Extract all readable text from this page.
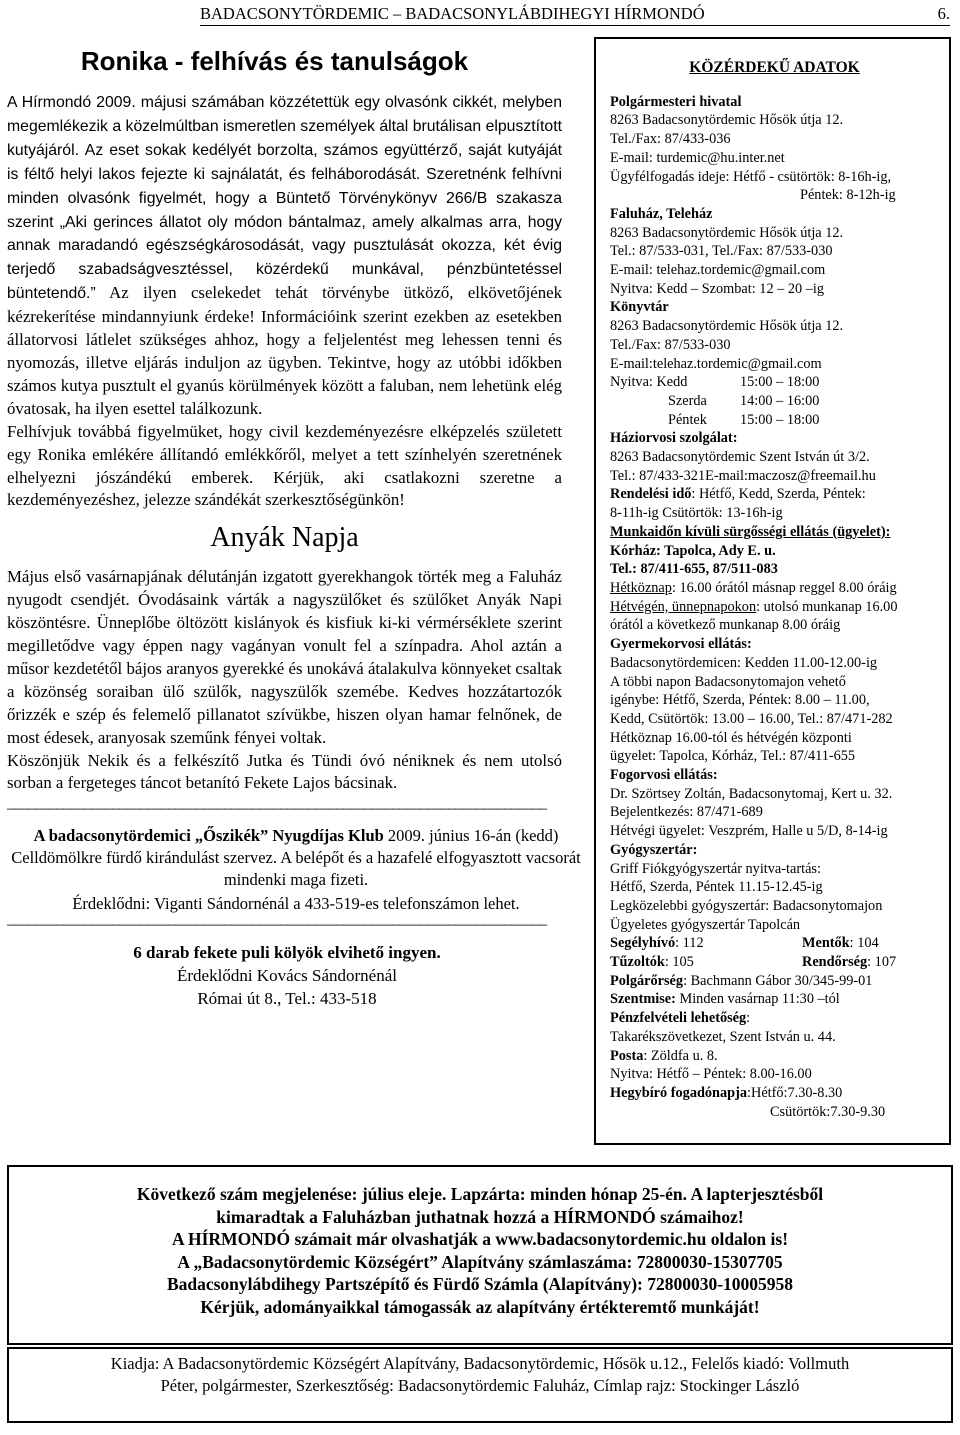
BADACSONYTÖRDEMIC – BADACSONYLÁBDIHEGYI HÍRMONDÓ	6.
Ronika - felhívás és tanulságok

A Hírmondó 2009. májusi számában közzétettük egy olvasónk cikkét, melyben megemlékezik a közelmúltban ismeretlen személyek által brutálisan elpusztított kutyájáról. Az eset sokak kedélyét borzolta, számos együttérző, saját kutyáját is féltő helyi lakos fejezte ki sajnálatát, és felháborodását. Szeretnénk felhívni minden olvasónk figyelmét, hogy a Büntető Törvénykönyv 266/B szakasza szerint „Aki gerinces állatot oly módon bántalmaz, amely alkalmas arra, hogy annak maradandó egészségkárosodását, vagy pusztulását okozza, két évig terjedő szabadságvesztéssel, közérdekű munkával, pénzbüntetéssel büntetendő.” Az ilyen cselekedet tehát törvénybe ütköző, elkövetőjének kézrekerítése mindannyiunk érdeke! Információink szerint ezekben az esetekben állatorvosi látlelet szükséges ahhoz, hogy a feljelentést meg lehessen tenni és nyomozás, illetve eljárás induljon az ügyben. Tekintve, hogy az utóbbi időkben számos kutya pusztult el gyanús körülmények között a faluban, nem lehetünk elég óvatosak, ha ilyen esettel találkozunk.

Felhívjuk továbbá figyelmüket, hogy civil kezdeményezésre elképzelés született egy Ronika emlékére állítandó emlékkőről, melyet a tett színhelyén szeretnének elhelyezni jószándékú emberek. Kérjük, aki csatlakozni szeretne a kezdeményezéshez, jelezze szándékát szerkesztőségünkön!

Anyák Napja

Május első vasárnapjának délutánján izgatott gyerekhangok törték meg a Faluház nyugodt csendjét. Óvodásaink várták a nagyszülőket és szülőket Anyák Napi köszöntésre. Ünneplőbe öltözött kislányok és kisfiuk ki-ki vérmérséklete szerint megilletődve vagy éppen nagy vagányan vonult fel a színpadra. Ahol aztán a műsor kezdetétől bájos aranyos gyerekké és unokává átalakulva könnyeket csaltak a közönség soraiban ülő szülők, nagyszülők szemébe. Kedves hozzátartozók őrizzék e szép és felemelő pillanatot szívükbe, hiszen olyan hamar felnőnek, de most édesek, aranyosak szeműnk fényei voltak.

Köszönjük Nekik és a felkészítő Jutka és Tündi óvó néniknek és nem utolsó sorban a fergeteges táncot betanító Fekete Lajos bácsinak.

–––––––––––––––––––––––––––––––––––––––––––––––––––––––––––––––––––––––––––––
A badacsonytördemici „Őszikék” Nyugdíjas Klub 2009. június 16-án (kedd) Celldömölkre fürdő kirándulást szervez. A belépőt és a hazafelé elfogyasztott vacsorát mindenki maga fizeti.
Érdeklődni: Viganti Sándornénál a 433-519-es telefonszámon lehet.
–––––––––––––––––––––––––––––––––––––––––––––––––––––––––––––––––––––––––––––
6 darab fekete puli kölyök elvihető ingyen.
Érdeklődni Kovács Sándornénál
Római út 8., Tel.: 433-518
KÖZÉRDEKŰ ADATOK
Polgármesteri hivatal
8263 Badacsonytördemic Hősök útja 12.
Tel./Fax: 87/433-036
E-mail: turdemic@hu.inter.net
Ügyfélfogadás ideje: Hétfő - csütörtök: 8-16h-ig,
Péntek: 8-12h-ig
Faluház, Teleház
8263 Badacsonytördemic Hősök útja 12.
Tel.: 87/533-031, Tel./Fax: 87/533-030
E-mail: telehaz.tordemic@gmail.com
Nyitva: Kedd – Szombat: 12 – 20 –ig
Könyvtár
8263 Badacsonytördemic Hősök útja 12.
Tel./Fax: 87/533-030
E-mail:telehaz.tordemic@gmail.com
Nyitva: Kedd	15:00 – 18:00
Szerda 14:00 – 16:00
Péntek 15:00 – 18:00
Háziorvosi szolgálat:
8263 Badacsonytördemic Szent István út 3/2.
Tel.: 87/433-321E-mail:maczosz@freemail.hu
Rendelési idő: Hétfő, Kedd, Szerda, Péntek:
8-11h-ig Csütörtök: 13-16h-ig
Munkaidőn kívüli sürgősségi ellátás (ügyelet):
Kórház: Tapolca, Ady E. u.
Tel.: 87/411-655, 87/511-083
Hétköznap: 16.00 órától másnap reggel 8.00 óráig
Hétvégén, ünnepnapokon: utolsó munkanap 16.00
órától a következő munkanap 8.00 óráig
Gyermekorvosi ellátás:
Badacsonytördemicen: Kedden 11.00-12.00-ig
A többi napon Badacsonytomajon vehető
igénybe: Hétfő, Szerda, Péntek: 8.00 – 11.00,
Kedd, Csütörtök: 13.00 – 16.00, Tel.: 87/471-282
Hétköznap 16.00-tól és hétvégén központi
ügyelet: Tapolca, Kórház, Tel.: 87/411-655
Fogorvosi ellátás:
Dr. Szörtsey Zoltán, Badacsonytomaj, Kert u. 32.
Bejelentkezés: 87/471-689
Hétvégi ügyelet: Veszprém, Halle u 5/D, 8-14-ig
Gyógyszertár:
Griff Fiókgyógyszertár nyitva-tartás:
Hétfő, Szerda, Péntek 11.15-12.45-ig
Legközelebbi gyógyszertár: Badacsonytomajon
Ügyeletes gyógyszertár Tapolcán
Segélyhívó: 112	Mentők: 104
Tűzoltók: 105	Rendőrség: 107
Polgárőrség: Bachmann Gábor 30/345-99-01
Szentmise: Minden vasárnap 11:30 –tól
Pénzfelvételi lehetőség:
Takarékszövetkezet, Szent István u. 44.
Posta: Zöldfa u. 8.
Nyitva: Hétfő – Péntek: 8.00-16.00
Hegybíró fogadónapja:Hétfő:7.30-8.30
Csütörtök:7.30-9.30
Következő szám megjelenése: július eleje. Lapzárta: minden hónap 25-én. A lapterjesztésből
kimaradtak a Faluházban juthatnak hozzá a HÍRMONDÓ számaihoz!
A HÍRMONDÓ számait már olvashatják a www.badacsonytordemic.hu oldalon is!
A „Badacsonytördemic Községért” Alapítvány számlaszáma: 72800030-15307705
Badacsonylábdihegy Partszépítő és Fürdő Számla (Alapítvány): 72800030-10005958
Kérjük, adományaikkal támogassák az alapítvány értékteremtő munkáját!
Kiadja: A Badacsonytördemic Községért Alapítvány, Badacsonytördemic, Hősök u.12., Felelős kiadó: Vollmuth
Péter, polgármester, Szerkesztőség: Badacsonytördemic Faluház, Címlap rajz: Stockinger László
